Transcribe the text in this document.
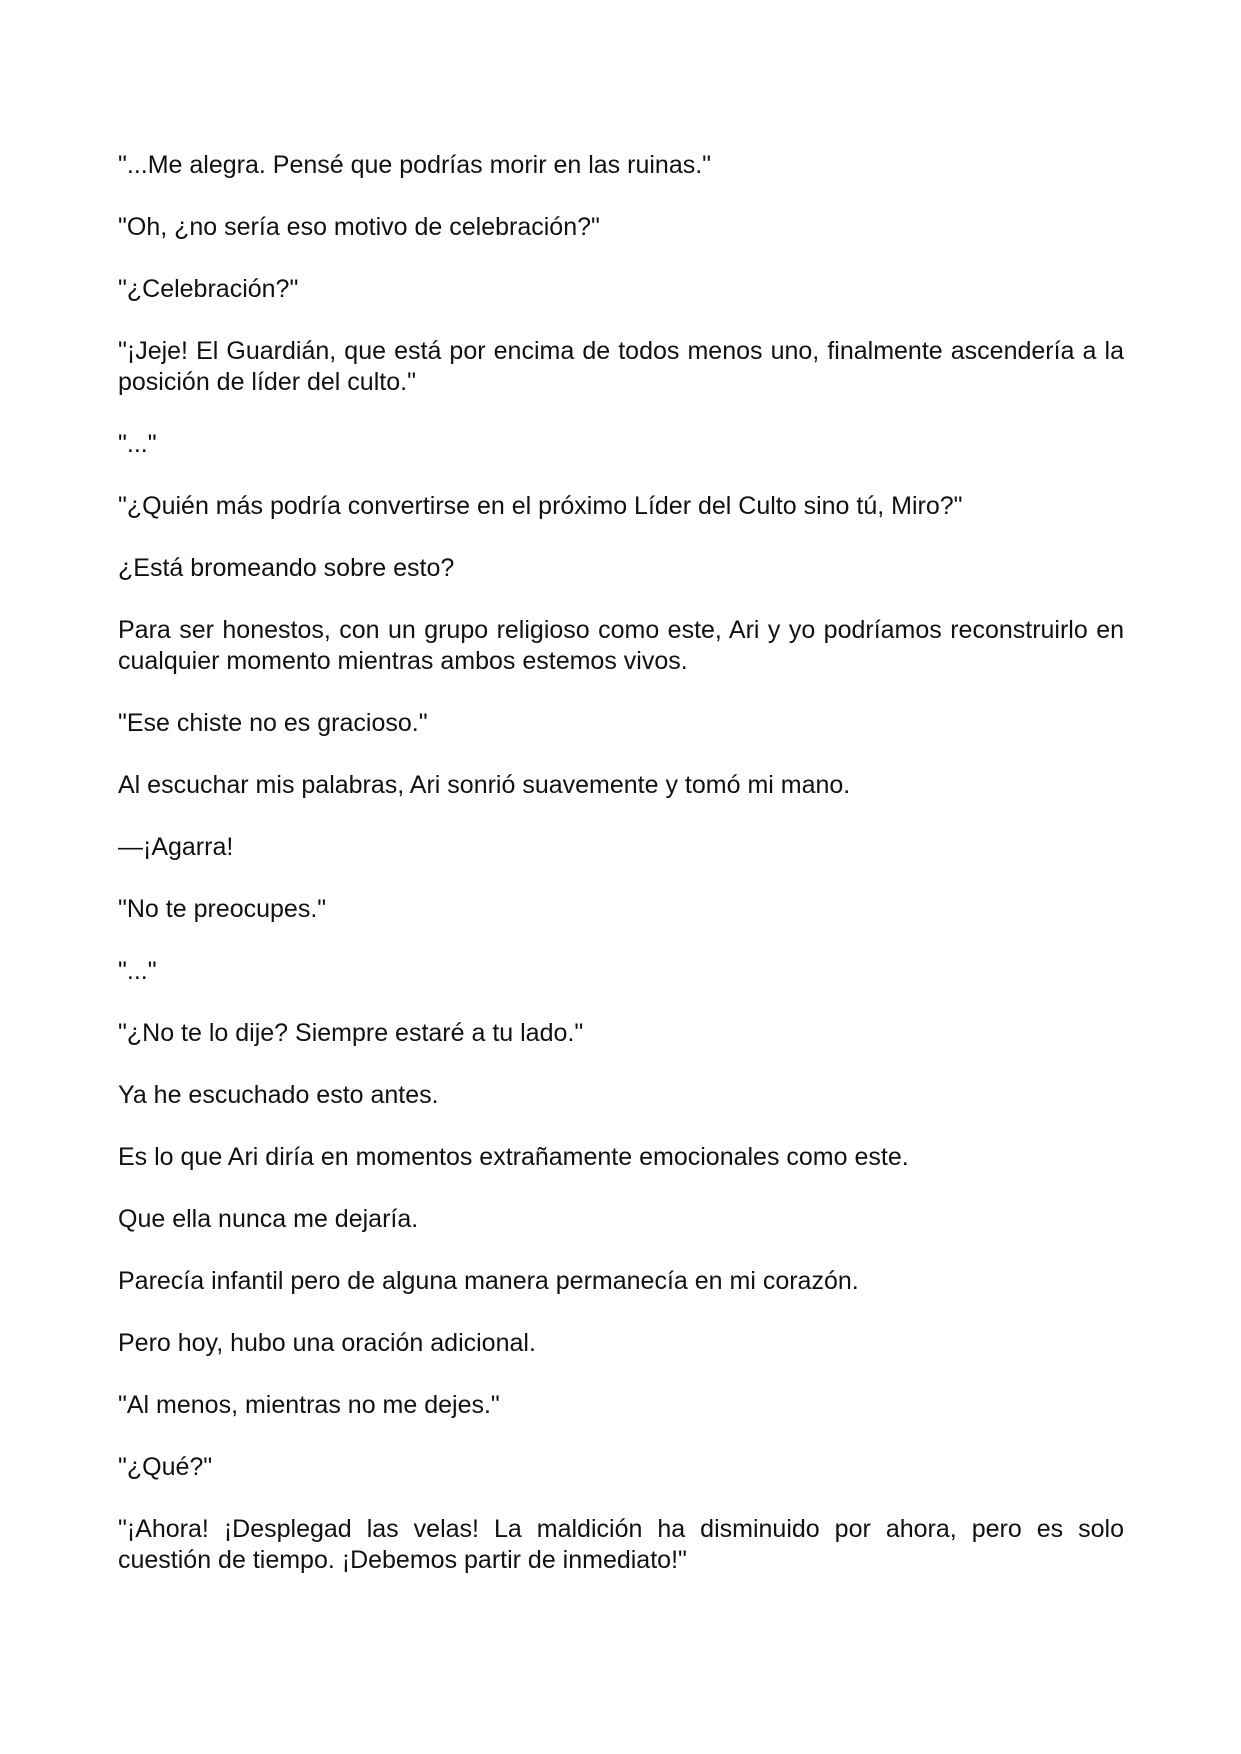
"...Me alegra. Pensé que podrías morir en las ruinas."

"Oh, ¿no sería eso motivo de celebración?"

"¿Celebración?"

"¡Jeje! El Guardián, que está por encima de todos menos uno, finalmente ascendería a la posición de líder del culto."

"..."

"¿Quién más podría convertirse en el próximo Líder del Culto sino tú, Miro?"

¿Está bromeando sobre esto?

Para ser honestos, con un grupo religioso como este, Ari y yo podríamos reconstruirlo en cualquier momento mientras ambos estemos vivos.

"Ese chiste no es gracioso."

Al escuchar mis palabras, Ari sonrió suavemente y tomó mi mano.

—¡Agarra!

"No te preocupes."

"..."

"¿No te lo dije? Siempre estaré a tu lado."

Ya he escuchado esto antes.

Es lo que Ari diría en momentos extrañamente emocionales como este.

Que ella nunca me dejaría.

Parecía infantil pero de alguna manera permanecía en mi corazón.

Pero hoy, hubo una oración adicional.

"Al menos, mientras no me dejes."

"¿Qué?"

"¡Ahora! ¡Desplegad las velas! La maldición ha disminuido por ahora, pero es solo cuestión de tiempo. ¡Debemos partir de inmediato!"
